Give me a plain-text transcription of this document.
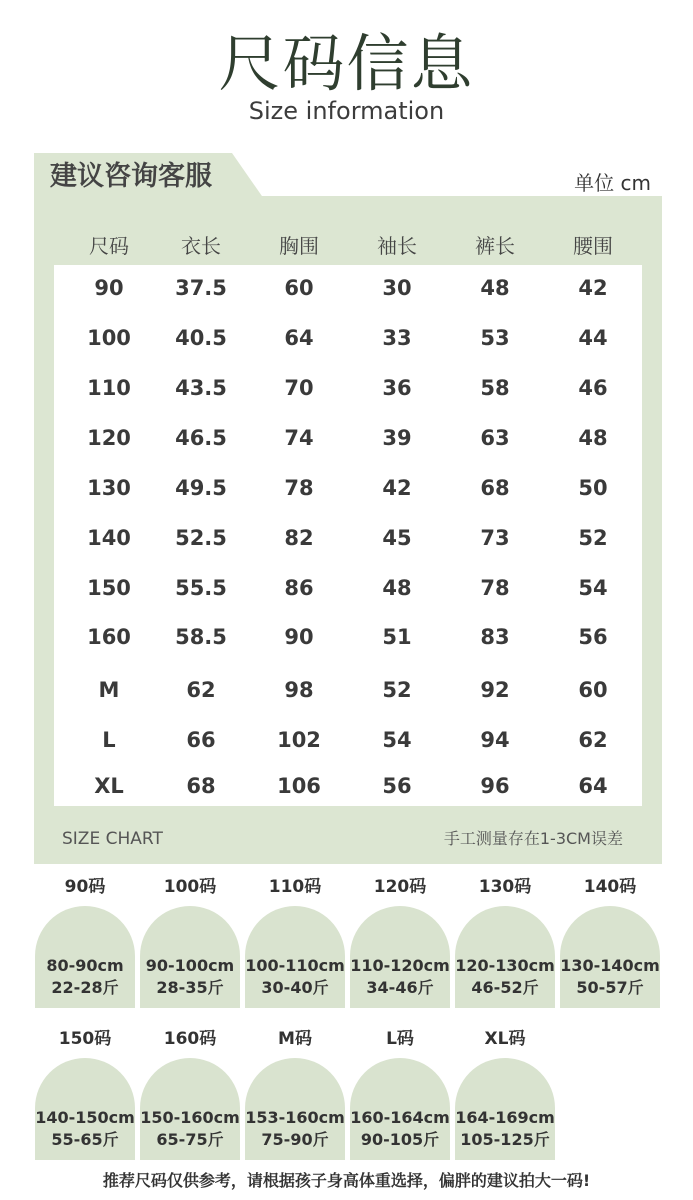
尺码信息
Size information
建议咨询客服	单位 cm
尺码	衣长	胸围	袖长	裤长	腰围
90	37.5	60	30	48	42
100	40.5	64	33	53	44
110	43.5	70	36	58	46
120	46.5	74	39	63	48
130	49.5	78	42	68	50
140	52.5	82	45	73	52
150	55.5	86	48	78	54
160	58.5	90	51	83	56
M	62	98	52	92	60
L	66	102	54	94	62
XL	68	106	56	96	64
SIZE CHART	手工测量存在1-3CM误差
90码
80-90cm
22-28斤
100码
90-100cm
28-35斤
110码
100-110cm
30-40斤
120码
110-120cm
34-46斤
130码
120-130cm
46-52斤
140码
130-140cm
50-57斤
150码
140-150cm
55-65斤
160码
150-160cm
65-75斤
M码
153-160cm
75-90斤
L码
160-164cm
90-105斤
XL码
164-169cm
105-125斤
推荐尺码仅供参考，请根据孩子身高体重选择，偏胖的建议拍大一码!
